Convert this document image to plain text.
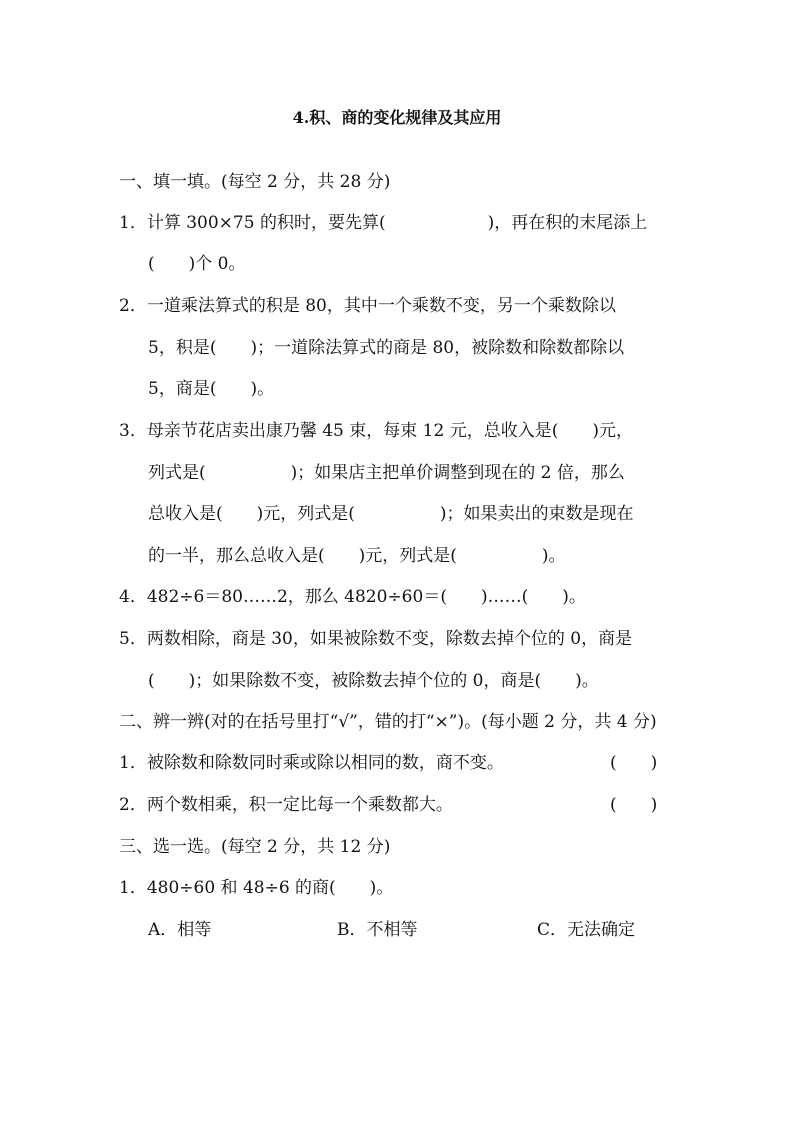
4.积、商的变化规律及其应用
一、填一填。(每空 2 分，共 28 分)
1．计算 300×75 的积时，要先算(　　　　　　)，再在积的末尾添上
(　　)个 0。
2．一道乘法算式的积是 80，其中一个乘数不变，另一个乘数除以
5，积是(　　)；一道除法算式的商是 80，被除数和除数都除以
5，商是(　　)。
3．母亲节花店卖出康乃馨 45 束，每束 12 元，总收入是(　　)元，
列式是(　　　　　)；如果店主把单价调整到现在的 2 倍，那么
总收入是(　　)元，列式是(　　　　　)；如果卖出的束数是现在
的一半，那么总收入是(　　)元，列式是(　　　　　)。
4．482÷6＝80……2，那么 4820÷60＝(　　)……(　　)。
5．两数相除，商是 30，如果被除数不变，除数去掉个位的 0，商是
(　　)；如果除数不变，被除数去掉个位的 0，商是(　　)。
二、辨一辨(对的在括号里打“√”，错的打“×”)。(每小题 2 分，共 4 分)
1．被除数和除数同时乘或除以相同的数，商不变。	(　　)
2．两个数相乘，积一定比每一个乘数都大。	(　　)
三、选一选。(每空 2 分，共 12 分)
1．480÷60 和 48÷6 的商(　　)。
A．相等	B．不相等	C．无法确定
